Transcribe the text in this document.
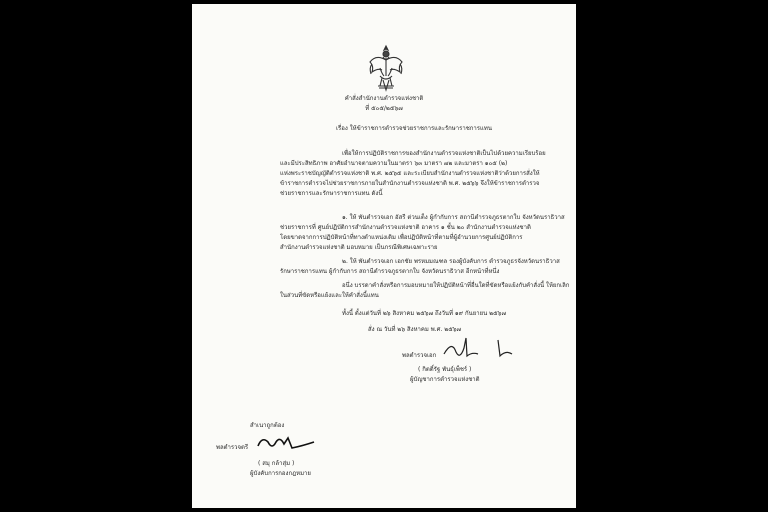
คำสั่งสำนักงานตำรวจแห่งชาติ
ที่ ๕๐๕/๒๕๖๗
เรื่อง ให้ข้าราชการตำรวจช่วยราชการและรักษาราชการแทน
เพื่อให้การปฏิบัติราชการของสำนักงานตำรวจแห่งชาติเป็นไปด้วยความเรียบร้อย
และมีประสิทธิภาพ อาศัยอำนาจตามความในมาตรา ๖๓ มาตรา ๗๒ และมาตรา ๑๐๕ (๒)
แห่งพระราชบัญญัติตำรวจแห่งชาติ พ.ศ. ๒๕๖๕ และระเบียบสำนักงานตำรวจแห่งชาติว่าด้วยการสั่งให้
ข้าราชการตำรวจไปช่วยราชการภายในสำนักงานตำรวจแห่งชาติ พ.ศ. ๒๕๖๖ จึงให้ข้าราชการตำรวจ
ช่วยราชการและรักษาราชการแทน ดังนี้
๑. ให้ พันตำรวจเอก อัสรี ต่วนเต็ง ผู้กำกับการ สถานีตำรวจภูธรตากใบ จังหวัดนราธิวาส
ช่วยราชการที่ ศูนย์ปฏิบัติการสำนักงานตำรวจแห่งชาติ อาคาร ๑ ชั้น ๒๐ สำนักงานตำรวจแห่งชาติ
โดยขาดจากการปฏิบัติหน้าที่ทางตำแหน่งเดิม เพื่อปฏิบัติหน้าที่ตามที่ผู้อำนวยการศูนย์ปฏิบัติการ
สำนักงานตำรวจแห่งชาติ มอบหมาย เป็นกรณีพิเศษเฉพาะราย
๒. ให้ พันตำรวจเอก เอกชัย พรหมมณฑล รองผู้บังคับการ ตำรวจภูธรจังหวัดนราธิวาส
รักษาราชการแทน ผู้กำกับการ สถานีตำรวจภูธรตากใบ จังหวัดนราธิวาส อีกหน้าที่หนึ่ง
อนึ่ง บรรดาคำสั่งหรือการมอบหมายให้ปฏิบัติหน้าที่อื่นใดที่ขัดหรือแย้งกับคำสั่งนี้ ให้ยกเลิก
ในส่วนที่ขัดหรือแย้งและให้คำสั่งนี้แทน
ทั้งนี้ ตั้งแต่วันที่ ๒๖ สิงหาคม ๒๕๖๗ ถึงวันที่ ๑๙ กันยายน ๒๕๖๗
สั่ง ณ วันที่ ๒๖ สิงหาคม พ.ศ. ๒๕๖๗
พลตำรวจเอก
( กิตติ์รัฐ พันธุ์เพ็ชร์ )
ผู้บัญชาการตำรวจแห่งชาติ
สำเนาถูกต้อง
พลตำรวจตรี
( สมุ กล้าสุ่ม )
ผู้บังคับการกองกฎหมาย
